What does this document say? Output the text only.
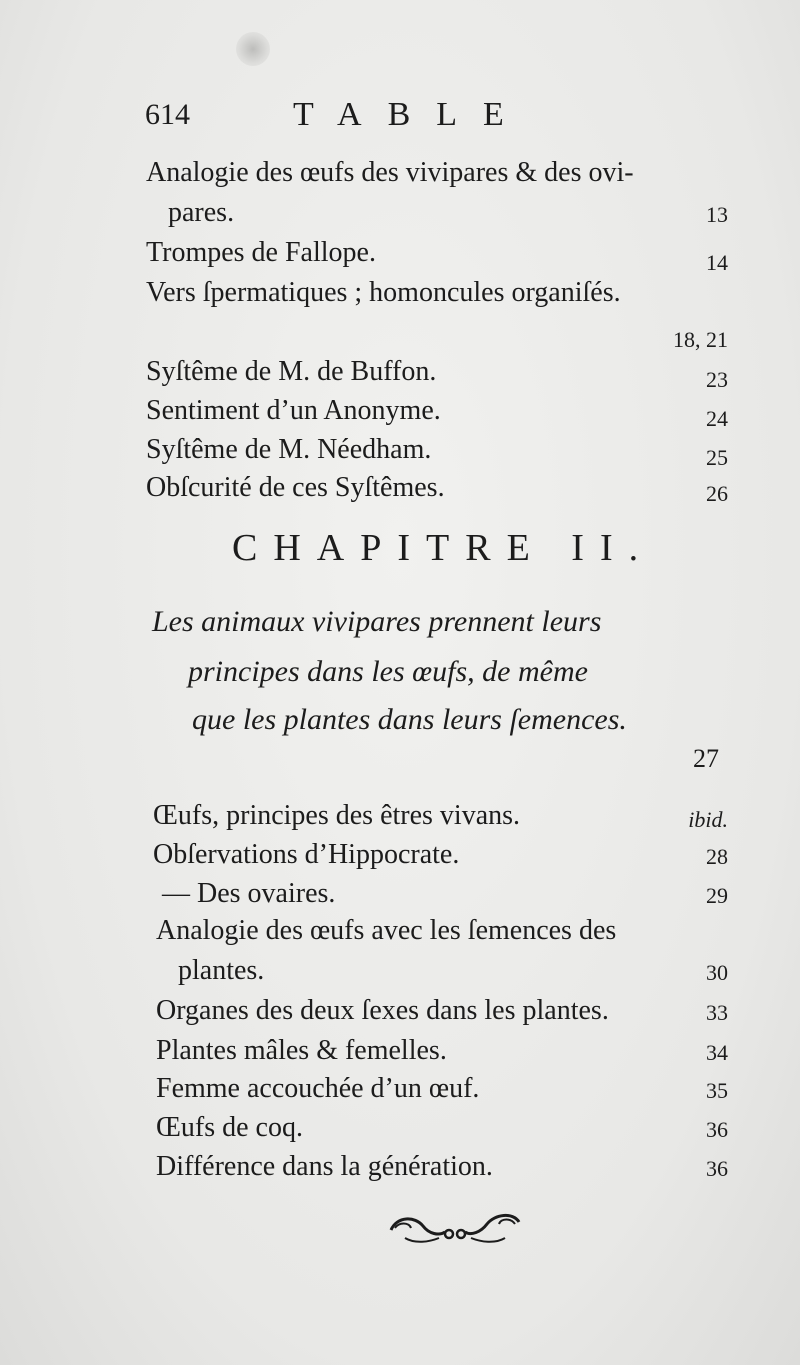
614	TABLE
Analogie des œufs des vivipares & des ovi-
pares.	13
Trompes de Fallope.	14
Vers ſpermatiques ; homoncules organiſés.
18, 21
Syſtême de M. de Buffon.	23
Sentiment d’un Anonyme.	24
Syſtême de M. Néedham.	25
Obſcurité de ces Syſtêmes.	26
CHAPITRE II.
Les animaux vivipares prennent leurs
principes dans les œufs, de même
que les plantes dans leurs ſemences.
27
Œufs, principes des êtres vivans.	ibid.
Obſervations d’Hippocrate.	28
— Des ovaires.	29
Analogie des œufs avec les ſemences des
plantes.	30
Organes des deux ſexes dans les plantes.	33
Plantes mâles & femelles.	34
Femme accouchée d’un œuf.	35
Œufs de coq.	36
Différence dans la génération.	36
